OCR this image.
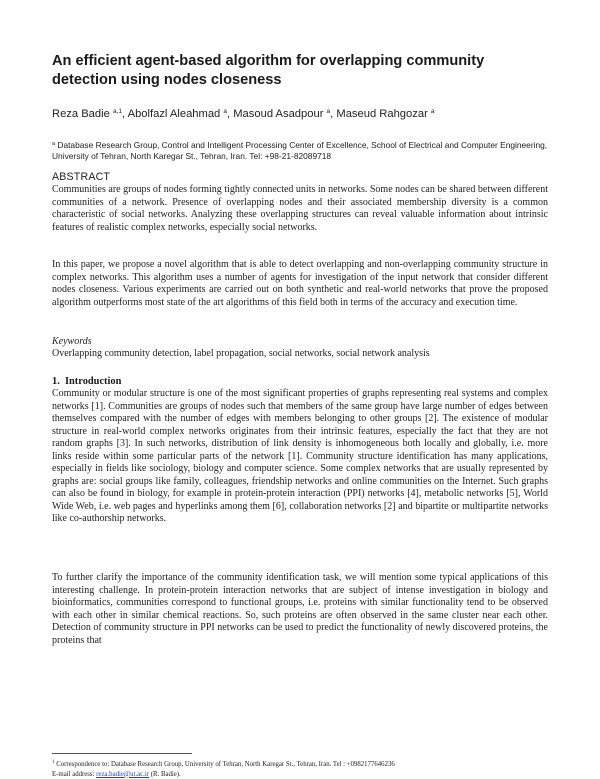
An efficient agent-based algorithm for overlapping community detection using nodes closeness
Reza Badie $^{a,1}$, Abolfazl Aleahmad $^a$, Masoud Asadpour $^a$, Maseud Rahgozar $^a$
$^a$ Database Research Group, Control and Intelligent Processing Center of Excellence, School of Electrical and Computer Engineering, University of Tehran, North Karegar St., Tehran, Iran. Tel: +98-21-82089718
ABSTRACT
Communities are groups of nodes forming tightly connected units in networks. Some nodes can be shared between different communities of a network. Presence of overlapping nodes and their associated membership diversity is a common characteristic of social networks. Analyzing these overlapping structures can reveal valuable information about intrinsic features of realistic complex networks, especially social networks.
In this paper, we propose a novel algorithm that is able to detect overlapping and non-overlapping community structure in complex networks. This algorithm uses a number of agents for investigation of the input network that consider different nodes closeness. Various experiments are carried out on both synthetic and real-world networks that prove the proposed algorithm outperforms most state of the art algorithms of this field both in terms of the accuracy and execution time.
Keywords
Overlapping community detection, label propagation, social networks, social network analysis
1.  Introduction
Community or modular structure is one of the most significant properties of graphs representing real systems and complex networks [1]. Communities are groups of nodes such that members of the same group have large number of edges between themselves compared with the number of edges with members belonging to other groups [2]. The existence of modular structure in real-world complex networks originates from their intrinsic features, especially the fact that they are not random graphs [3]. In such networks, distribution of link density is inhomogeneous both locally and globally, i.e. more links reside within some particular parts of the network [1]. Community structure identification has many applications, especially in fields like sociology, biology and computer science. Some complex networks that are usually represented by graphs are: social groups like family, colleagues, friendship networks and online communities on the Internet. Such graphs can also be found in biology, for example in protein-protein interaction (PPI) networks [4], metabolic networks [5], World Wide Web, i.e. web pages and hyperlinks among them [6], collaboration networks [2] and bipartite or multipartite networks like co-authorship networks.
To further clarify the importance of the community identification task, we will mention some typical applications of this interesting challenge. In protein-protein interaction networks that are subject of intense investigation in biology and bioinformatics, communities correspond to functional groups, i.e. proteins with similar functionality tend to be observed with each other in similar chemical reactions. So, such proteins are often observed in the same cluster near each other. Detection of community structure in PPI networks can be used to predict the functionality of newly discovered proteins, the proteins that
$^1$ Correspondence to: Database Research Group, University of Tehran, North Karegar St., Tehran, Iran. Tel : +0982177646236
E-mail address: reza.badie@ut.ac.ir (R. Badie).
